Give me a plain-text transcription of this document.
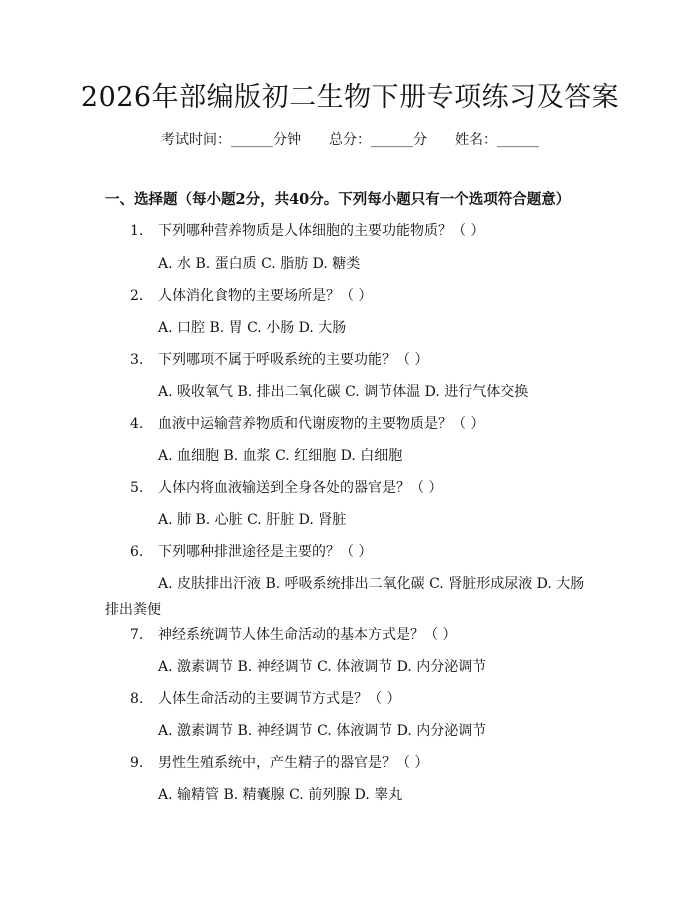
2026年部编版初二生物下册专项练习及答案
考试时间：______分钟 总分：______分 姓名：______
一、选择题（每小题2分，共40分。下列每小题只有一个选项符合题意）
1. 下列哪种营养物质是人体细胞的主要功能物质？（ ）
A. 水 B. 蛋白质 C. 脂肪 D. 糖类
2. 人体消化食物的主要场所是？（ ）
A. 口腔 B. 胃 C. 小肠 D. 大肠
3. 下列哪项不属于呼吸系统的主要功能？（ ）
A. 吸收氧气 B. 排出二氧化碳 C. 调节体温 D. 进行气体交换
4. 血液中运输营养物质和代谢废物的主要物质是？（ ）
A. 血细胞 B. 血浆 C. 红细胞 D. 白细胞
5. 人体内将血液输送到全身各处的器官是？（ ）
A. 肺 B. 心脏 C. 肝脏 D. 肾脏
6. 下列哪种排泄途径是主要的？（ ）
A. 皮肤排出汗液 B. 呼吸系统排出二氧化碳 C. 肾脏形成尿液 D. 大肠排出粪便
7. 神经系统调节人体生命活动的基本方式是？（ ）
A. 激素调节 B. 神经调节 C. 体液调节 D. 内分泌调节
8. 人体生命活动的主要调节方式是？（ ）
A. 激素调节 B. 神经调节 C. 体液调节 D. 内分泌调节
9. 男性生殖系统中，产生精子的器官是？（ ）
A. 输精管 B. 精囊腺 C. 前列腺 D. 睾丸
